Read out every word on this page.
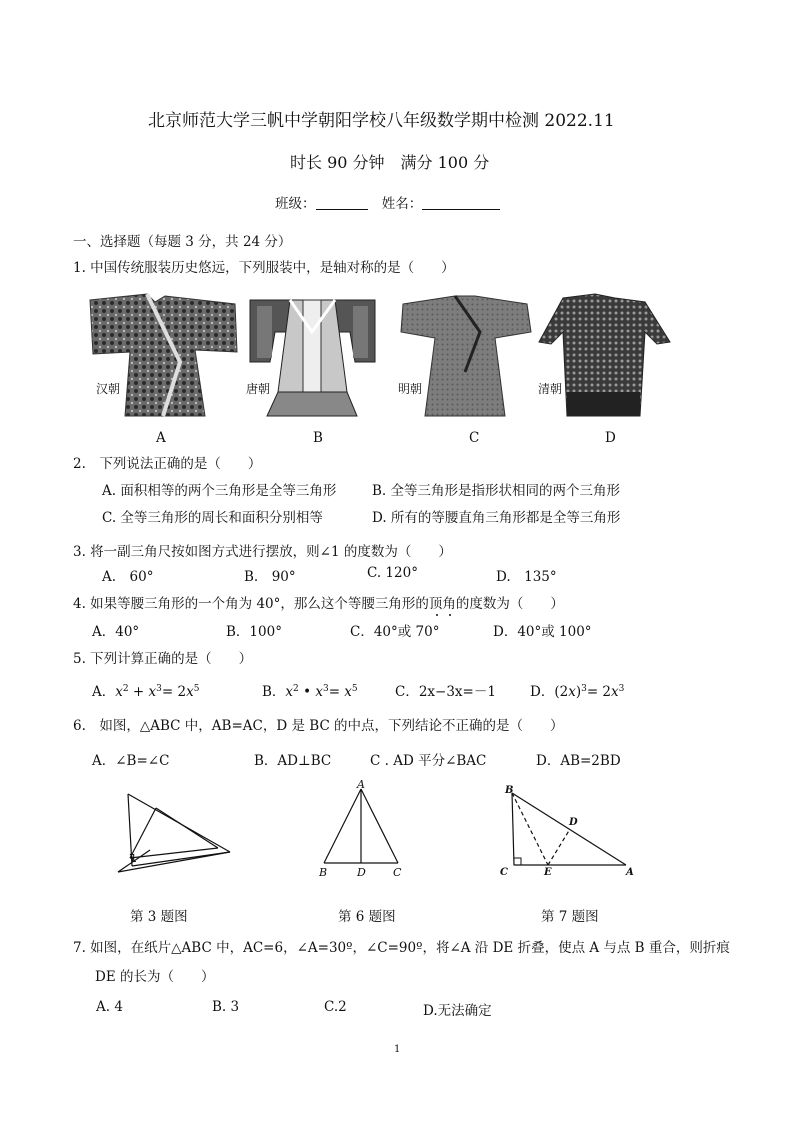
北京师范大学三帆中学朝阳学校八年级数学期中检测 2022.11
时长 90 分钟　满分 100 分
班级：	姓名：
一、选择题（每题 3 分，共 24 分）
1. 中国传统服装历史悠远，下列服装中，是轴对称的是（　　）
汉朝	唐朝	明朝	清朝
A	B	C	D
2.　下列说法正确的是（　　）
A. 面积相等的两个三角形是全等三角形	B. 全等三角形是指形状相同的两个三角形
C. 全等三角形的周长和面积分别相等	D. 所有的等腰直角三角形都是全等三角形
3. 将一副三角尺按如图方式进行摆放，则∠1 的度数为（　　）
A.　60°	B.　90°	C. 120°	D.　135°
4. 如果等腰三角形的一个角为 40°，那么这个等腰三角形的顶角的度数为（　　）
A．40°	B．100°	C．40°或 70°	D．40°或 100°
5. 下列计算正确的是（　　）
A．$x^2 + x^3= 2x^5$	B．$x^2$ • $x^3= x^5$	C．2x−3x=－1	D．$(2x)^3= 2x^3$
6.　如图，△ABC 中，AB=AC，D 是 BC 的中点，下列结论不正确的是（　　）
A．∠B=∠C	B．AD⊥BC	C . AD 平分∠BAC	D．AB=2BD
1
A
B	D C
B
D
C	E	A
第 3 题图	第 6 题图	第 7 题图
7. 如图，在纸片△ABC 中，AC=6，∠A=30º，∠C=90º，将∠A 沿 DE 折叠，使点 A 与点 B 重合，则折痕
DE 的长为（　　）
A. 4	B. 3	C.2	D.无法确定
1
